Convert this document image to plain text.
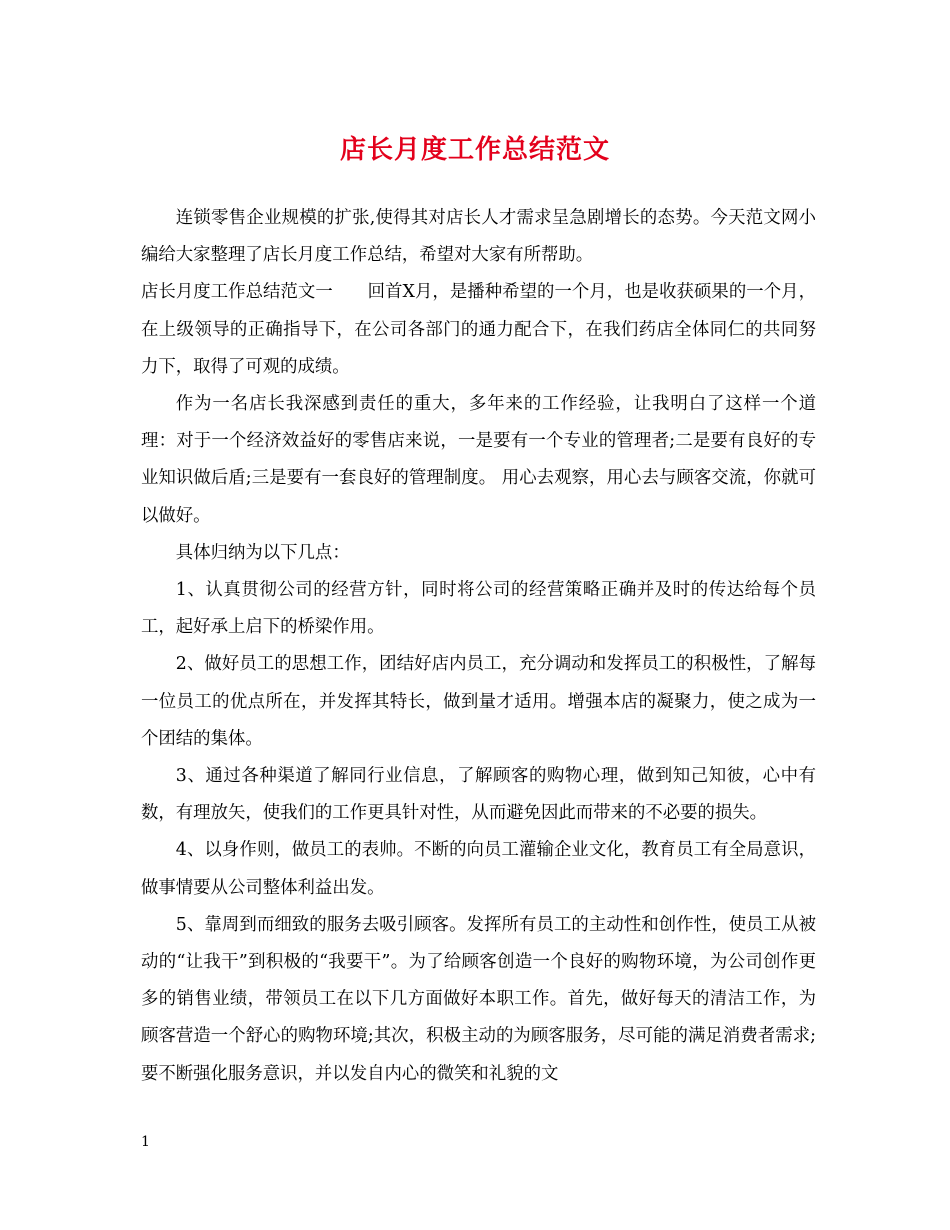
店长月度工作总结范文

连锁零售企业规模的扩张,使得其对店长人才需求呈急剧增长的态势。今天范文网小编给大家整理了店长月度工作总结，希望对大家有所帮助。

店长月度工作总结范文一　　回首X月，是播种希望的一个月，也是收获硕果的一个月，在上级领导的正确指导下，在公司各部门的通力配合下，在我们药店全体同仁的共同努力下，取得了可观的成绩。

作为一名店长我深感到责任的重大，多年来的工作经验，让我明白了这样一个道理：对于一个经济效益好的零售店来说，一是要有一个专业的管理者;二是要有良好的专业知识做后盾;三是要有一套良好的管理制度。 用心去观察，用心去与顾客交流，你就可以做好。

具体归纳为以下几点：

1、认真贯彻公司的经营方针，同时将公司的经营策略正确并及时的传达给每个员工，起好承上启下的桥梁作用。

2、做好员工的思想工作，团结好店内员工，充分调动和发挥员工的积极性，了解每一位员工的优点所在，并发挥其特长，做到量才适用。增强本店的凝聚力，使之成为一个团结的集体。

3、通过各种渠道了解同行业信息，了解顾客的购物心理，做到知己知彼，心中有数，有理放矢，使我们的工作更具针对性，从而避免因此而带来的不必要的损失。

4、以身作则，做员工的表帅。不断的向员工灌输企业文化，教育员工有全局意识，做事情要从公司整体利益出发。

5、靠周到而细致的服务去吸引顾客。发挥所有员工的主动性和创作性，使员工从被动的“让我干”到积极的“我要干”。为了给顾客创造一个良好的购物环境，为公司创作更多的销售业绩，带领员工在以下几方面做好本职工作。首先，做好每天的清洁工作，为顾客营造一个舒心的购物环境;其次，积极主动的为顾客服务，尽可能的满足消费者需求;要不断强化服务意识，并以发自内心的微笑和礼貌的文

1
